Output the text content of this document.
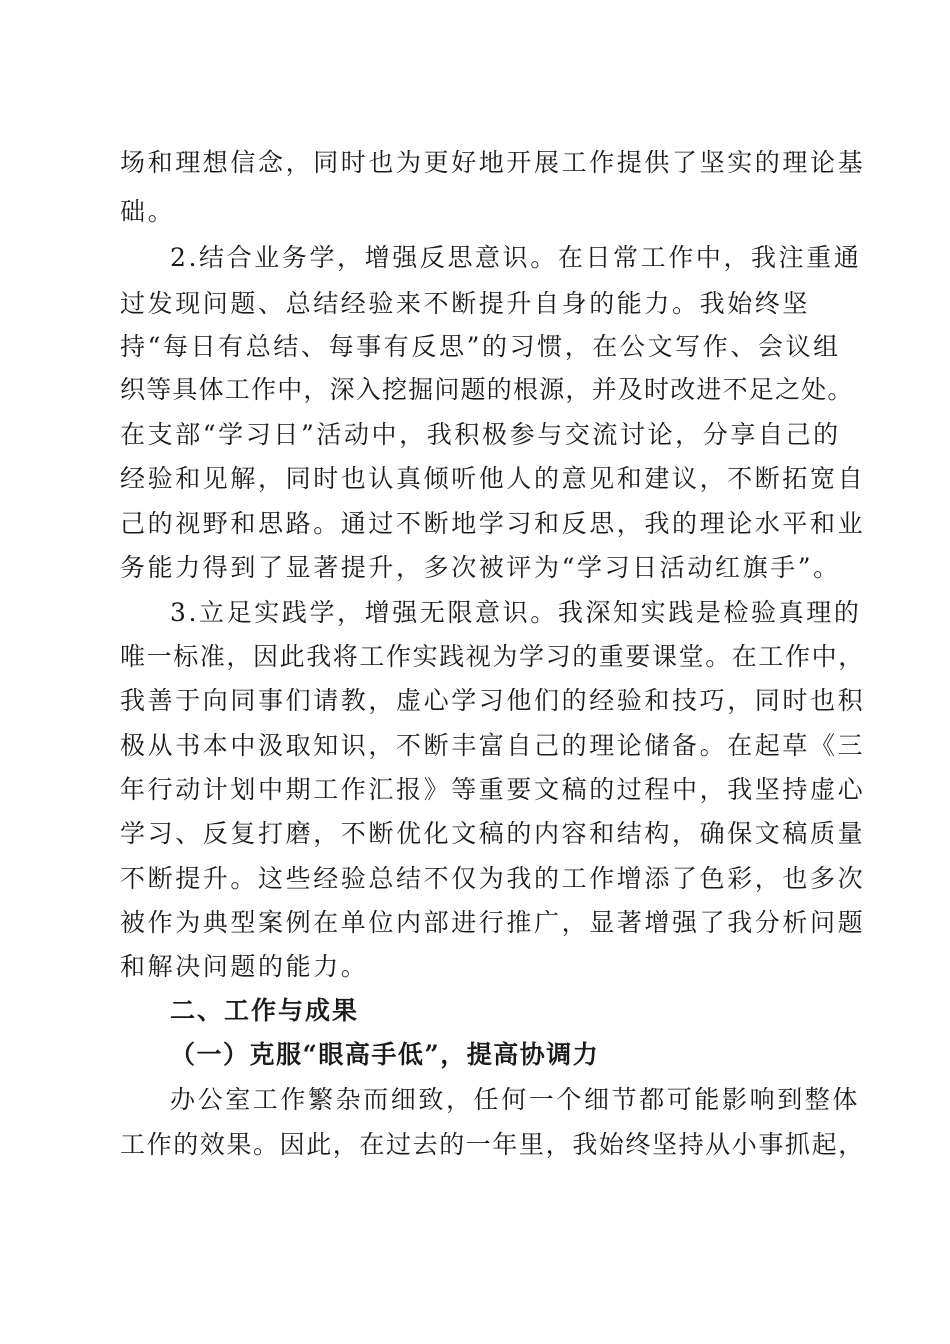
场和理想信念，同时也为更好地开展工作提供了坚实的理论基
础。
2.结合业务学，增强反思意识。在日常工作中，我注重通
过发现问题、总结经验来不断提升自身的能力。我始终坚
持“每日有总结、每事有反思”的习惯，在公文写作、会议组
织等具体工作中，深入挖掘问题的根源，并及时改进不足之处。
在支部“学习日”活动中，我积极参与交流讨论，分享自己的
经验和见解，同时也认真倾听他人的意见和建议，不断拓宽自
己的视野和思路。通过不断地学习和反思，我的理论水平和业
务能力得到了显著提升，多次被评为“学习日活动红旗手”。
3.立足实践学，增强无限意识。我深知实践是检验真理的
唯一标准，因此我将工作实践视为学习的重要课堂。在工作中，
我善于向同事们请教，虚心学习他们的经验和技巧，同时也积
极从书本中汲取知识，不断丰富自己的理论储备。在起草《三
年行动计划中期工作汇报》等重要文稿的过程中，我坚持虚心
学习、反复打磨，不断优化文稿的内容和结构，确保文稿质量
不断提升。这些经验总结不仅为我的工作增添了色彩，也多次
被作为典型案例在单位内部进行推广，显著增强了我分析问题
和解决问题的能力。
二、工作与成果
（一）克服“眼高手低”，提高协调力
办公室工作繁杂而细致，任何一个细节都可能影响到整体
工作的效果。因此，在过去的一年里，我始终坚持从小事抓起，
